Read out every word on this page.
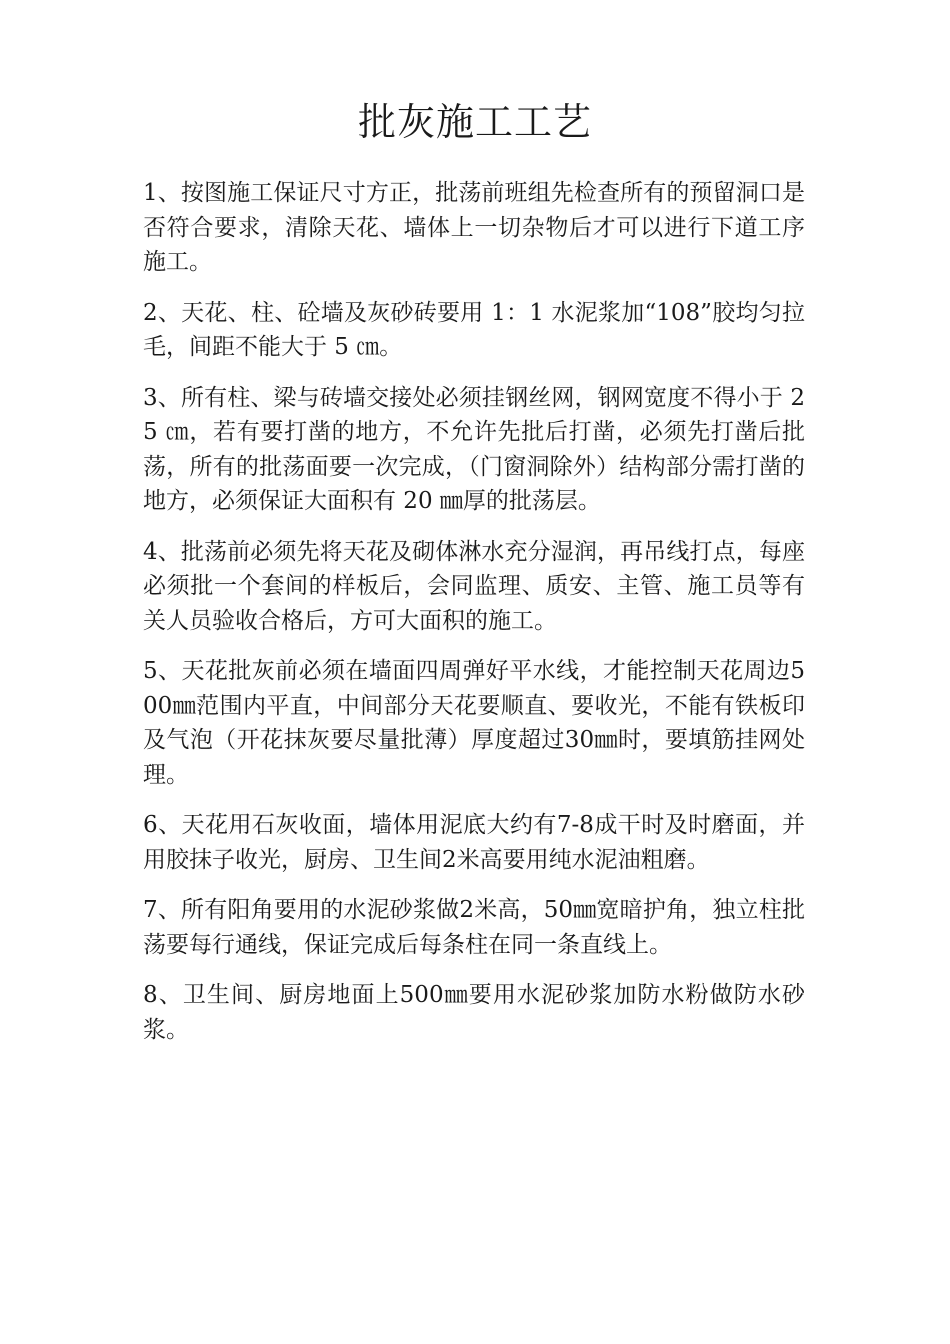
批灰施工工艺

1、按图施工保证尺寸方正，批荡前班组先检查所有的预留洞口是否符合要求，清除天花、墙体上一切杂物后才可以进行下道工序施工。

2、天花、柱、砼墙及灰砂砖要用 1：1 水泥浆加“108”胶均匀拉毛，间距不能大于 5 ㎝。

3、所有柱、梁与砖墙交接处必须挂钢丝网，钢网宽度不得小于 25 ㎝，若有要打凿的地方，不允许先批后打凿，必须先打凿后批荡，所有的批荡面要一次完成，（门窗洞除外）结构部分需打凿的地方，必须保证大面积有 20 ㎜厚的批荡层。

4、批荡前必须先将天花及砌体淋水充分湿润，再吊线打点，每座必须批一个套间的样板后，会同监理、质安、主管、施工员等有关人员验收合格后，方可大面积的施工。

5、天花批灰前必须在墙面四周弹好平水线，才能控制天花周边500㎜范围内平直，中间部分天花要顺直、要收光，不能有铁板印及气泡（开花抹灰要尽量批薄）厚度超过30㎜时，要填筋挂网处理。

6、天花用石灰收面，墙体用泥底大约有7-8成干时及时磨面，并用胶抹子收光，厨房、卫生间2米高要用纯水泥油粗磨。

7、所有阳角要用的水泥砂浆做2米高，50㎜宽暗护角，独立柱批荡要每行通线，保证完成后每条柱在同一条直线上。

8、卫生间、厨房地面上500㎜要用水泥砂浆加防水粉做防水砂浆。
